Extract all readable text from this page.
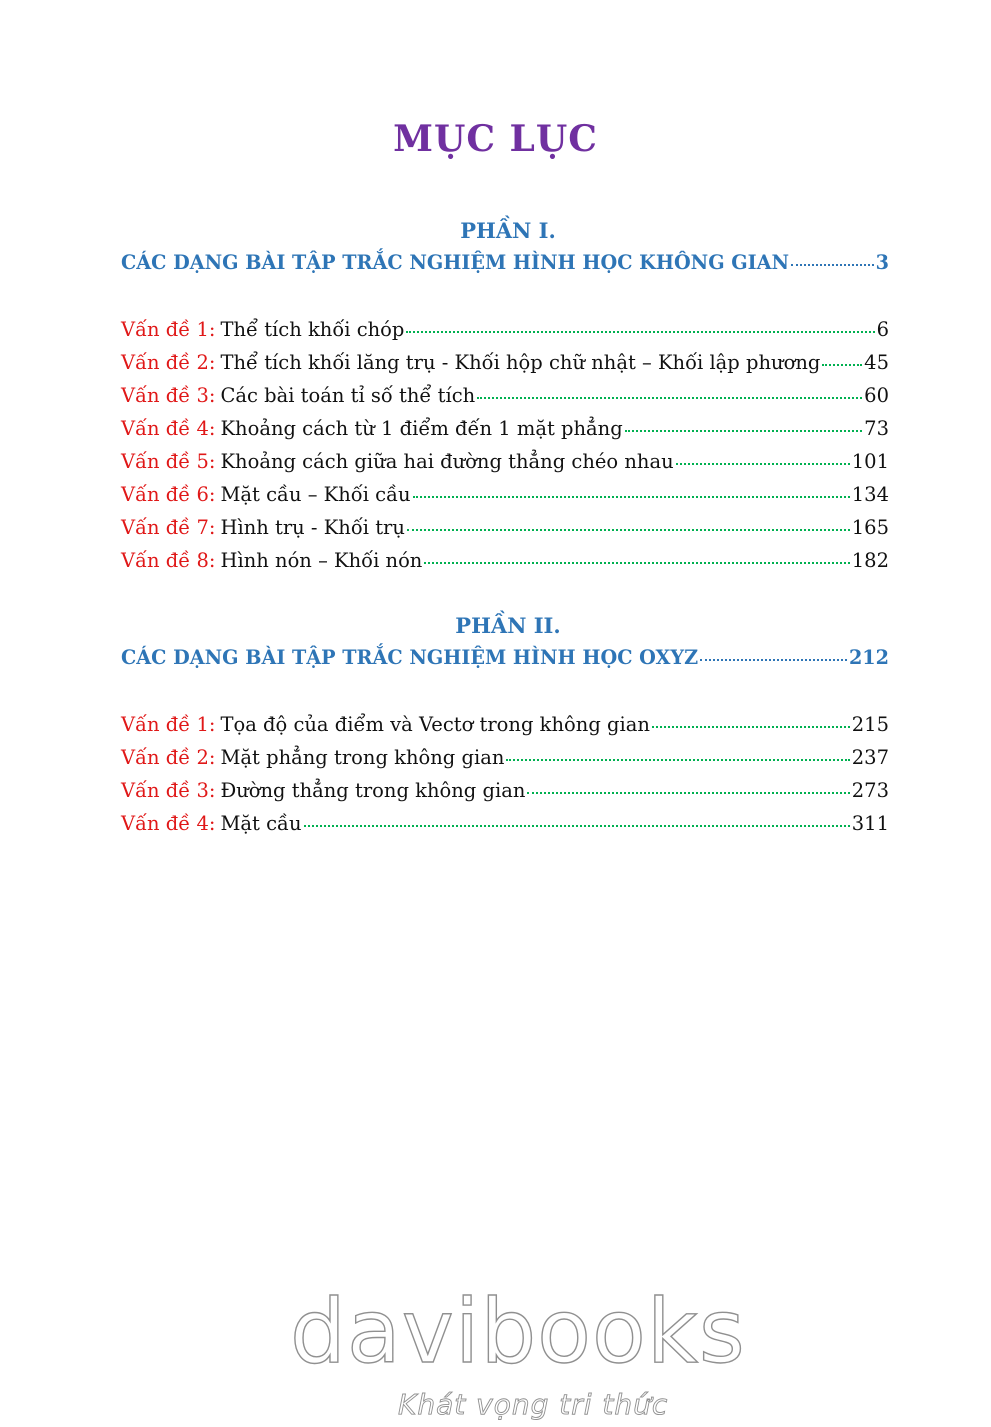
MỤC LỤC
PHẦN I.
CÁC DẠNG BÀI TẬP TRẮC NGHIỆM HÌNH HỌC KHÔNG GIAN	3
Vấn đề 1: Thể tích khối chóp	6
Vấn đề 2: Thể tích khối lăng trụ - Khối hộp chữ nhật – Khối lập phương 45
Vấn đề 3: Các bài toán tỉ số thể tích	60
Vấn đề 4: Khoảng cách từ 1 điểm đến 1 mặt phẳng	73
Vấn đề 5: Khoảng cách giữa hai đường thẳng chéo nhau	101
Vấn đề 6: Mặt cầu – Khối cầu	134
Vấn đề 7: Hình trụ - Khối trụ	165
Vấn đề 8: Hình nón – Khối nón	182
PHẦN II.
CÁC DẠNG BÀI TẬP TRẮC NGHIỆM HÌNH HỌC OXYZ	212
Vấn đề 1: Tọa độ của điểm và Vectơ trong không gian	215
Vấn đề 2: Mặt phẳng trong không gian	237
Vấn đề 3: Đường thẳng trong không gian	273
Vấn đề 4: Mặt cầu	311
davibooks
Khát vọng tri thức
